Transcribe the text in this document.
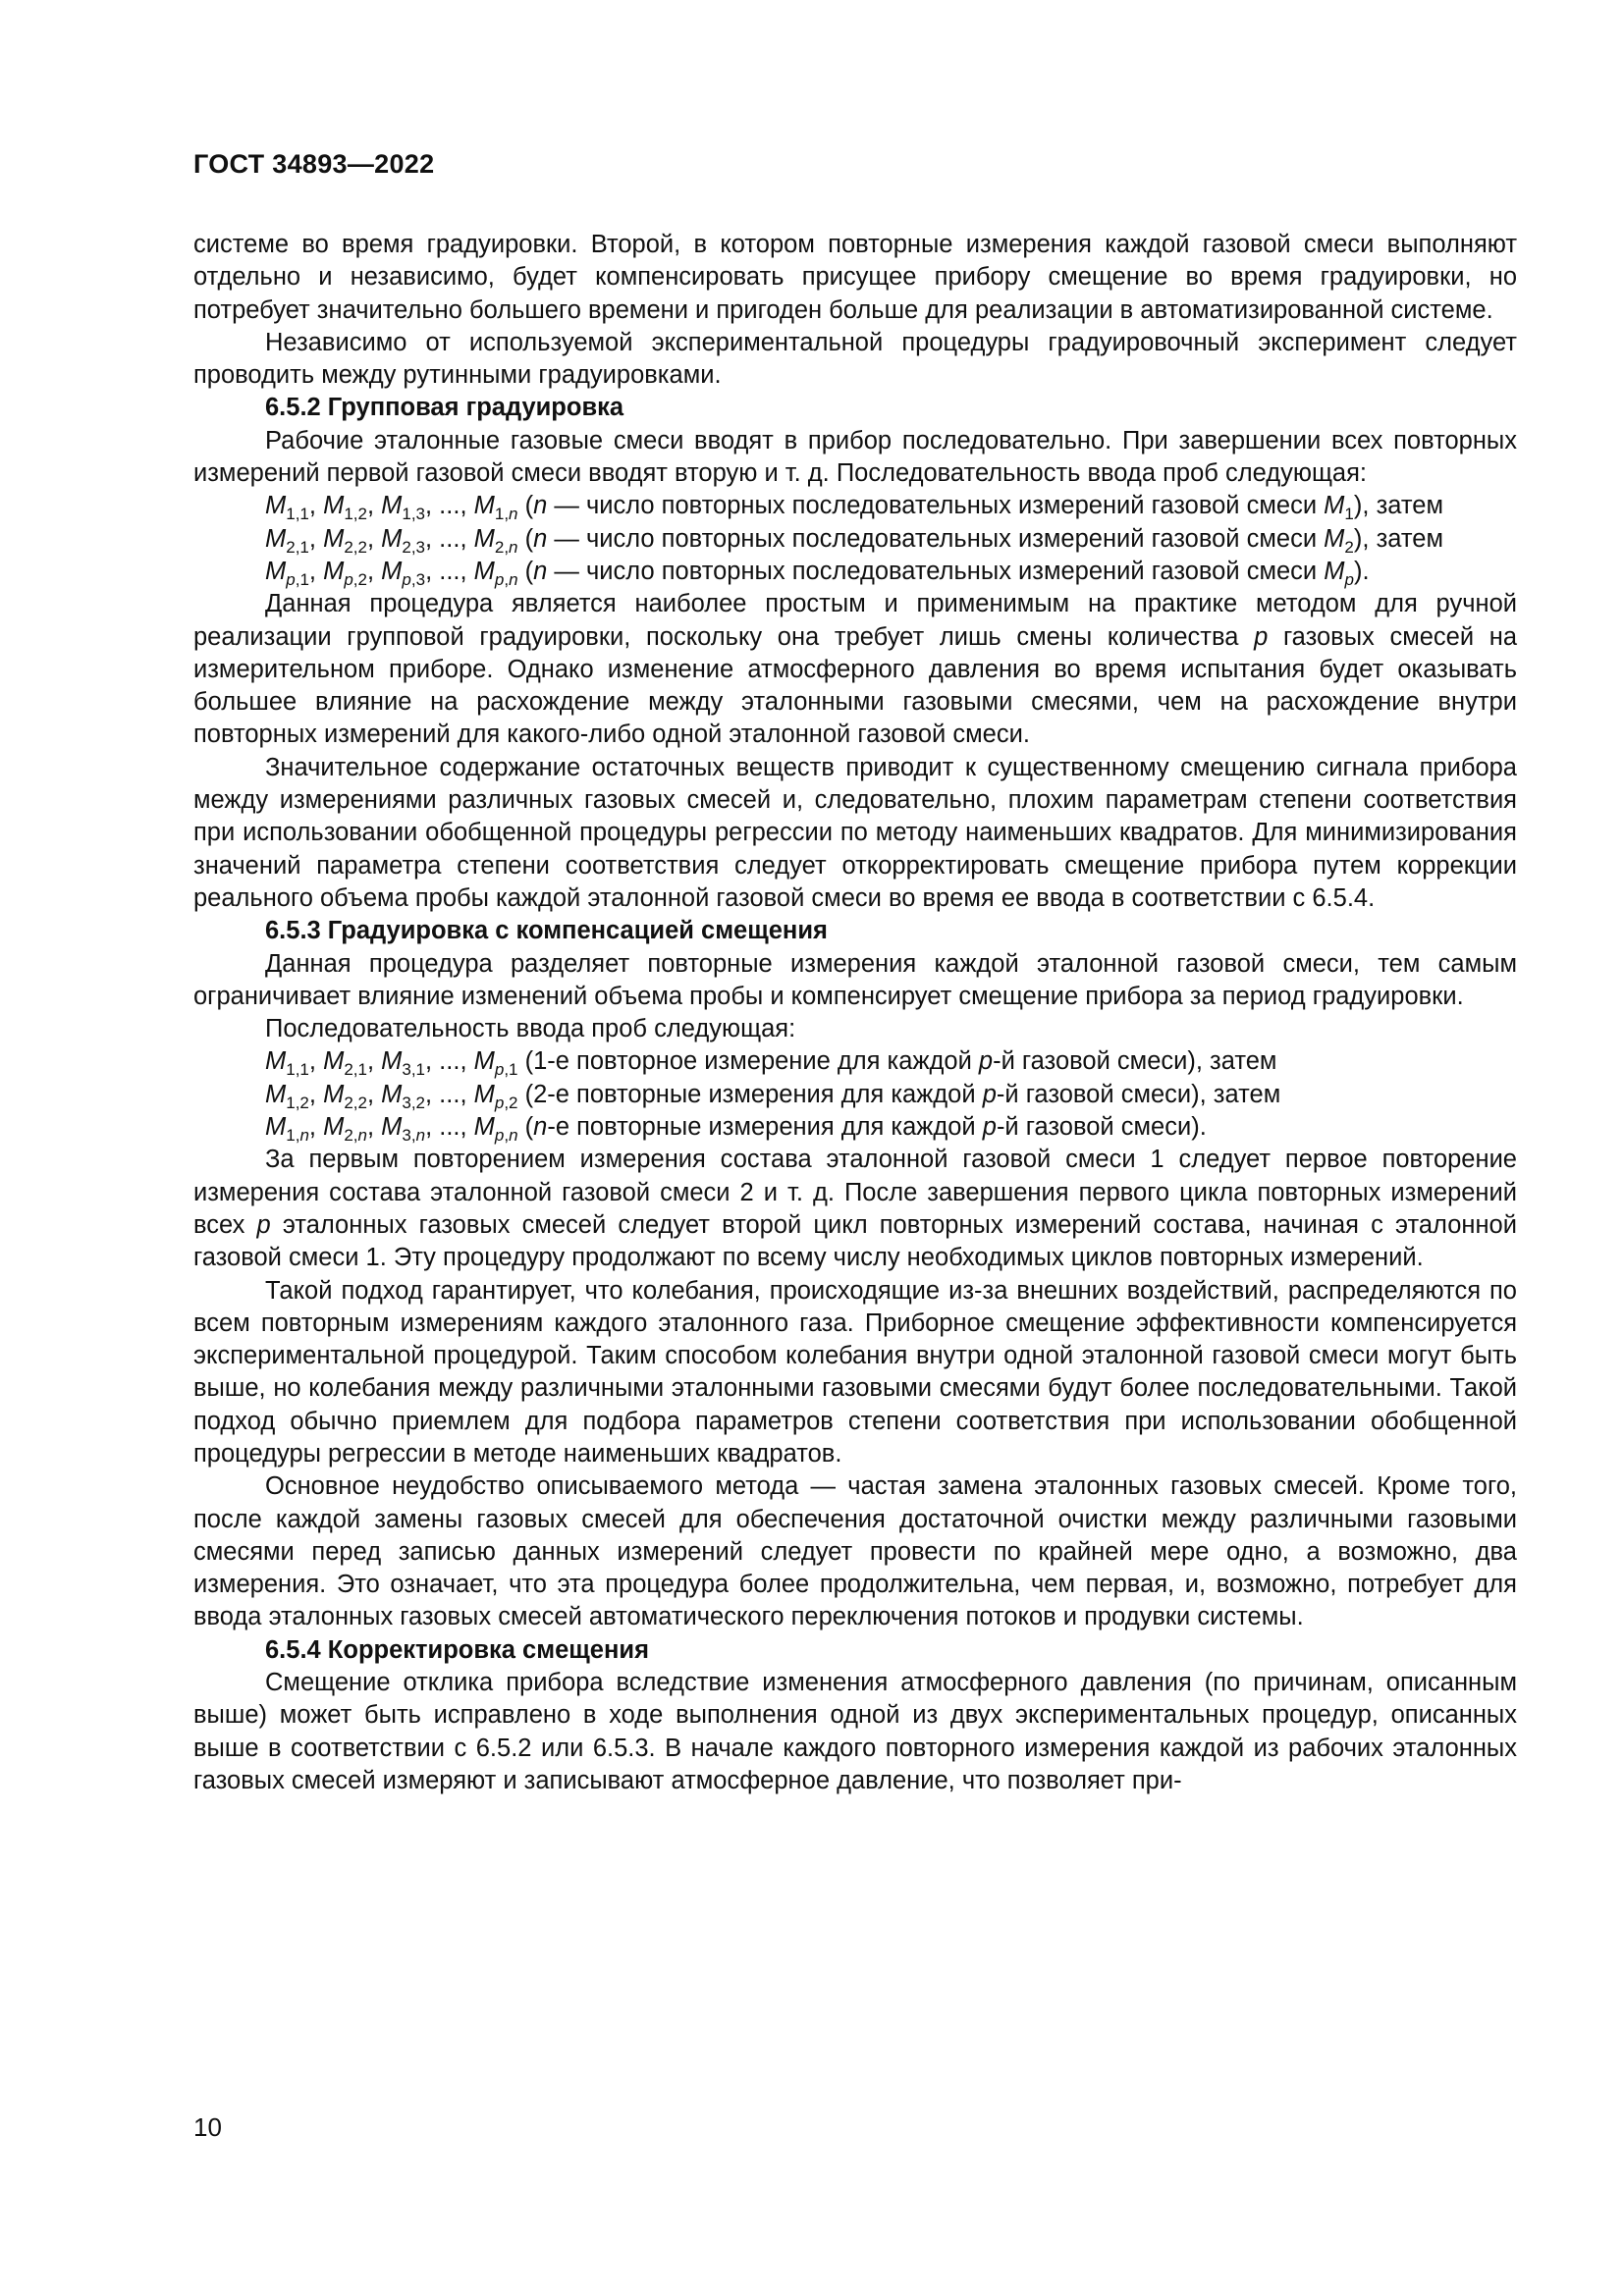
ГОСТ 34893—2022

системе во время градуировки. Второй, в котором повторные измерения каждой газовой смеси выполняют отдельно и независимо, будет компенсировать присущее прибору смещение во время градуировки, но потребует значительно большего времени и пригоден больше для реализации в автоматизированной системе.

Независимо от используемой экспериментальной процедуры градуировочный эксперимент следует проводить между рутинными градуировками.

6.5.2 Групповая градуировка

Рабочие эталонные газовые смеси вводят в прибор последовательно. При завершении всех повторных измерений первой газовой смеси вводят вторую и т. д. Последовательность ввода проб следующая:

$M_{1,1}$, $M_{1,2}$, $M_{1,3}$, ..., $M_{1,n}$ (n — число повторных последовательных измерений газовой смеси $M_1$), затем

$M_{2,1}$, $M_{2,2}$, $M_{2,3}$, ..., $M_{2,n}$ (n — число повторных последовательных измерений газовой смеси $M_2$), затем

$M_{p,1}$, $M_{p,2}$, $M_{p,3}$, ..., $M_{p,n}$ (n — число повторных последовательных измерений газовой смеси $M_p$).

Данная процедура является наиболее простым и применимым на практике методом для ручной реализации групповой градуировки, поскольку она требует лишь смены количества p газовых смесей на измерительном приборе. Однако изменение атмосферного давления во время испытания будет оказывать большее влияние на расхождение между эталонными газовыми смесями, чем на расхождение внутри повторных измерений для какого-либо одной эталонной газовой смеси.

Значительное содержание остаточных веществ приводит к существенному смещению сигнала прибора между измерениями различных газовых смесей и, следовательно, плохим параметрам степени соответствия при использовании обобщенной процедуры регрессии по методу наименьших квадратов. Для минимизирования значений параметра степени соответствия следует откорректировать смещение прибора путем коррекции реального объема пробы каждой эталонной газовой смеси во время ее ввода в соответствии с 6.5.4.

6.5.3 Градуировка с компенсацией смещения

Данная процедура разделяет повторные измерения каждой эталонной газовой смеси, тем самым ограничивает влияние изменений объема пробы и компенсирует смещение прибора за период градуировки.

Последовательность ввода проб следующая:

$M_{1,1}$, $M_{2,1}$, $M_{3,1}$, ..., $M_{p,1}$ (1-е повторное измерение для каждой p-й газовой смеси), затем

$M_{1,2}$, $M_{2,2}$, $M_{3,2}$, ..., $M_{p,2}$ (2-е повторные измерения для каждой p-й газовой смеси), затем

$M_{1,n}$, $M_{2,n}$, $M_{3,n}$, ..., $M_{p,n}$ (n-е повторные измерения для каждой p-й газовой смеси).

За первым повторением измерения состава эталонной газовой смеси 1 следует первое повторение измерения состава эталонной газовой смеси 2 и т. д. После завершения первого цикла повторных измерений всех p эталонных газовых смесей следует второй цикл повторных измерений состава, начиная с эталонной газовой смеси 1. Эту процедуру продолжают по всему числу необходимых циклов повторных измерений.

Такой подход гарантирует, что колебания, происходящие из-за внешних воздействий, распределяются по всем повторным измерениям каждого эталонного газа. Приборное смещение эффективности компенсируется экспериментальной процедурой. Таким способом колебания внутри одной эталонной газовой смеси могут быть выше, но колебания между различными эталонными газовыми смесями будут более последовательными. Такой подход обычно приемлем для подбора параметров степени соответствия при использовании обобщенной процедуры регрессии в методе наименьших квадратов.

Основное неудобство описываемого метода — частая замена эталонных газовых смесей. Кроме того, после каждой замены газовых смесей для обеспечения достаточной очистки между различными газовыми смесями перед записью данных измерений следует провести по крайней мере одно, а возможно, два измерения. Это означает, что эта процедура более продолжительна, чем первая, и, возможно, потребует для ввода эталонных газовых смесей автоматического переключения потоков и продувки системы.

6.5.4 Корректировка смещения

Смещение отклика прибора вследствие изменения атмосферного давления (по причинам, описанным выше) может быть исправлено в ходе выполнения одной из двух экспериментальных процедур, описанных выше в соответствии с 6.5.2 или 6.5.3. В начале каждого повторного измерения каждой из рабочих эталонных газовых смесей измеряют и записывают атмосферное давление, что позволяет при-

10
